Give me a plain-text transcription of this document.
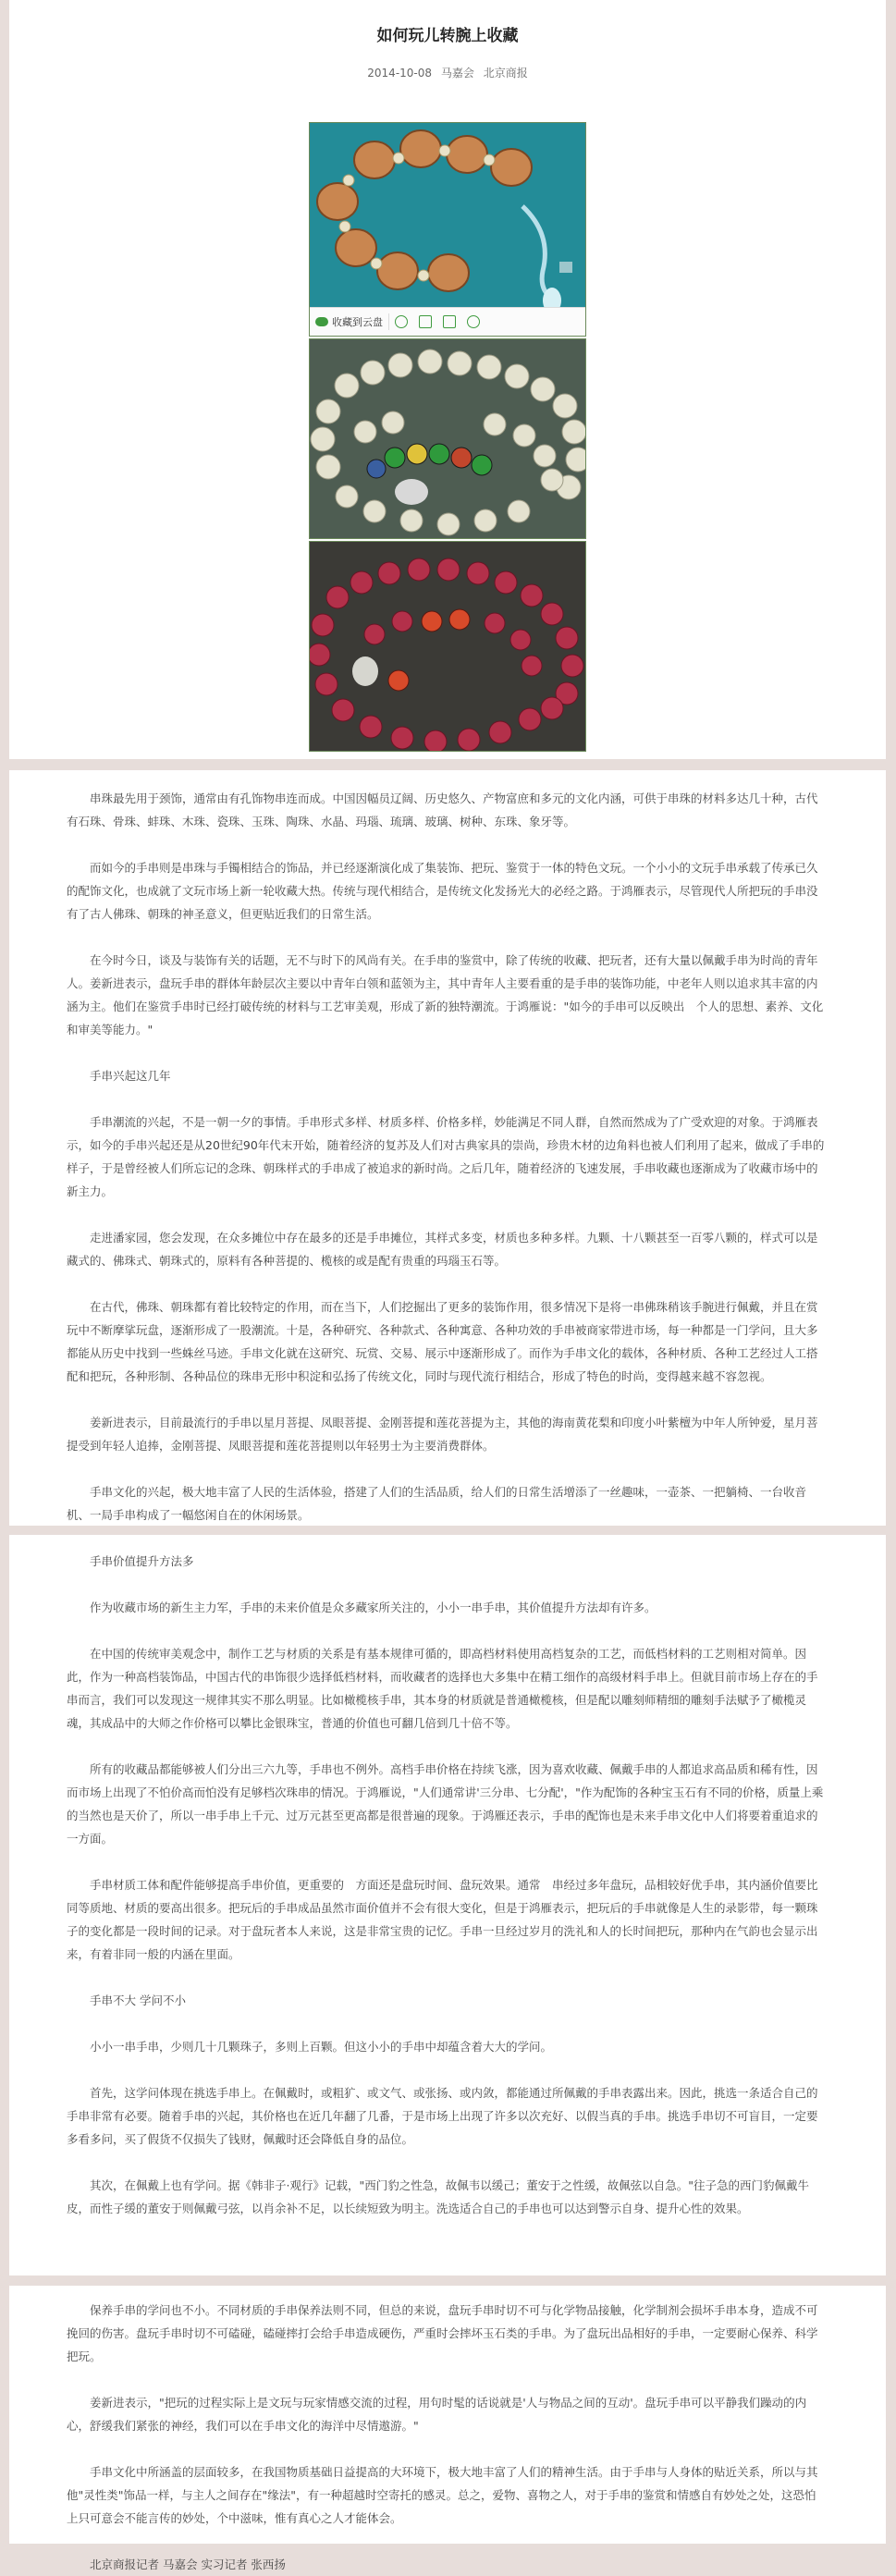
如何玩儿转腕上收藏
2014-10-08 马嘉会 北京商报
收藏到云盘

串珠最先用于颈饰，通常由有孔饰物串连而成。中国因幅员辽阔、历史悠久、产物富庶和多元的文化内涵，可供于串珠的材料多达几十种，古代有石珠、骨珠、蚌珠、木珠、瓷珠、玉珠、陶珠、水晶、玛瑙、琉璃、玻璃、树种、东珠、象牙等。

而如今的手串则是串珠与手镯相结合的饰品，并已经逐渐演化成了集装饰、把玩、鉴赏于一体的特色文玩。一个小小的文玩手串承载了传承已久的配饰文化，也成就了文玩市场上新一轮收藏大热。传统与现代相结合，是传统文化发扬光大的必经之路。于鸿雁表示，尽管现代人所把玩的手串没有了古人佛珠、朝珠的神圣意义，但更贴近我们的日常生活。

在今时今日，谈及与装饰有关的话题，无不与时下的风尚有关。在手串的鉴赏中，除了传统的收藏、把玩者，还有大量以佩戴手串为时尚的青年人。姜新进表示，盘玩手串的群体年龄层次主要以中青年白领和蓝领为主，其中青年人主要看重的是手串的装饰功能，中老年人则以追求其丰富的内涵为主。他们在鉴赏手串时已经打破传统的材料与工艺审美观，形成了新的独特潮流。于鸿雁说："如今的手串可以反映出　个人的思想、素养、文化和审美等能力。"

手串兴起这几年

手串潮流的兴起，不是一朝一夕的事情。手串形式多样、材质多样、价格多样，妙能满足不同人群，自然而然成为了广受欢迎的对象。于鸿雁表示，如今的手串兴起还是从20世纪90年代末开始，随着经济的复苏及人们对古典家具的崇尚，珍贵木材的边角料也被人们利用了起来，做成了手串的样子，于是曾经被人们所忘记的念珠、朝珠样式的手串成了被追求的新时尚。之后几年，随着经济的飞速发展，手串收藏也逐渐成为了收藏市场中的新主力。

走进潘家园，您会发现，在众多摊位中存在最多的还是手串摊位，其样式多变，材质也多种多样。九颗、十八颗甚至一百零八颗的，样式可以是藏式的、佛珠式、朝珠式的，原料有各种菩提的、榄核的或是配有贵重的玛瑙玉石等。

在古代，佛珠、朝珠都有着比较特定的作用，而在当下，人们挖掘出了更多的装饰作用，很多情况下是将一串佛珠稍该手腕进行佩戴，并且在赏玩中不断摩挲玩盘，逐渐形成了一股潮流。十是，各种研究、各种款式、各种寓意、各种功效的手串被商家带进市场，每一种都是一门学问，且大多都能从历史中找到一些蛛丝马迹。手串文化就在这研究、玩赏、交易、展示中逐渐形成了。而作为手串文化的载体，各种材质、各种工艺经过人工搭配和把玩，各种形制、各种品位的珠串无形中积淀和弘扬了传统文化，同时与现代流行相结合，形成了特色的时尚，变得越来越不容忽视。

姜新进表示，目前最流行的手串以星月菩提、凤眼菩提、金刚菩提和莲花菩提为主，其他的海南黄花梨和印度小叶紫檀为中年人所钟爱，星月菩提受到年轻人追捧，金刚菩提、凤眼菩提和莲花菩提则以年轻男士为主要消费群体。

手串文化的兴起，极大地丰富了人民的生活体验，搭建了人们的生活品质，给人们的日常生活增添了一丝趣味，一壶茶、一把躺椅、一台收音机、一局手串构成了一幅悠闲自在的休闲场景。

手串价值提升方法多

作为收藏市场的新生主力军，手串的未来价值是众多藏家所关注的，小小一串手串，其价值提升方法却有许多。

在中国的传统审美观念中，制作工艺与材质的关系是有基本规律可循的，即高档材料使用高档复杂的工艺，而低档材料的工艺则相对简单。因此，作为一种高档装饰品，中国古代的串饰很少选择低档材料，而收藏者的选择也大多集中在精工细作的高级材料手串上。但就目前市场上存在的手串而言，我们可以发现这一规律其实不那么明显。比如橄榄核手串，其本身的材质就是普通橄榄核，但是配以雕刻师精细的雕刻手法赋予了橄榄灵魂，其成品中的大师之作价格可以攀比金银珠宝，普通的价值也可翻几倍到几十倍不等。

所有的收藏品都能够被人们分出三六九等，手串也不例外。高档手串价格在持续飞涨，因为喜欢收藏、佩戴手串的人都追求高品质和稀有性，因而市场上出现了不怕价高而怕没有足够档次珠串的情况。于鸿雁说，"人们通常讲'三分串、七分配'，"作为配饰的各种宝玉石有不同的价格，质量上乘的当然也是天价了，所以一串手串上千元、过万元甚至更高都是很普遍的现象。于鸿雁还表示，手串的配饰也是未来手串文化中人们将要着重追求的一方面。

手串材质工体和配件能够提高手串价值，更重要的　方面还是盘玩时间、盘玩效果。通常　串经过多年盘玩，品相较好优手串，其内涵价值要比同等质地、材质的要高出很多。把玩后的手串成品虽然市面价值并不会有很大变化，但是于鸿雁表示，把玩后的手串就像是人生的录影带，每一颗珠子的变化都是一段时间的记录。对于盘玩者本人来说，这是非常宝贵的记忆。手串一旦经过岁月的洗礼和人的长时间把玩，那种内在气韵也会显示出来，有着非同一般的内涵在里面。

手串不大 学问不小

小小一串手串，少则几十几颗珠子，多则上百颗。但这小小的手串中却蕴含着大大的学问。

首先，这学问体现在挑选手串上。在佩戴时，或粗犷、或文气、或张扬、或内敛，都能通过所佩戴的手串表露出来。因此，挑选一条适合自己的手串非常有必要。随着手串的兴起，其价格也在近几年翻了几番，于是市场上出现了许多以次充好、以假当真的手串。挑选手串切不可盲目，一定要多看多问，买了假货不仅损失了钱财，佩戴时还会降低自身的品位。

其次，在佩戴上也有学问。据《韩非子·观行》记载，"西门豹之性急，故佩韦以缓己；董安于之性缓，故佩弦以自急。"往子急的西门豹佩戴牛皮，而性子缓的董安于则佩戴弓弦，以肖余补不足，以长续短致为明主。洗选适合自己的手串也可以达到警示自身、提升心性的效果。

保养手串的学问也不小。不同材质的手串保养法则不同，但总的来说，盘玩手串时切不可与化学物品接触，化学制剂会损坏手串本身，造成不可挽回的伤害。盘玩手串时切不可磕碰，磕碰摔打会给手串造成硬伤，严重时会摔坏玉石类的手串。为了盘玩出品相好的手串，一定要耐心保养、科学把玩。

姜新进表示，"把玩的过程实际上是文玩与玩家情感交流的过程，用句时髦的话说就是'人与物品之间的互动'。盘玩手串可以平静我们躁动的内心，舒缓我们紧张的神经，我们可以在手串文化的海洋中尽情遨游。"

手串文化中所涵盖的层面较多，在我国物质基础日益提高的大环境下，极大地丰富了人们的精神生活。由于手串与人身体的贴近关系，所以与其他"灵性类"饰品一样，与主人之间存在"缘法"，有一种超越时空寄托的感灵。总之，爱物、喜物之人，对于手串的鉴赏和情感自有妙处之处，这恐怕上只可意会不能言传的妙处，个中滋味，惟有真心之人才能体会。

北京商报记者 马嘉会 实习记者 张西扬
